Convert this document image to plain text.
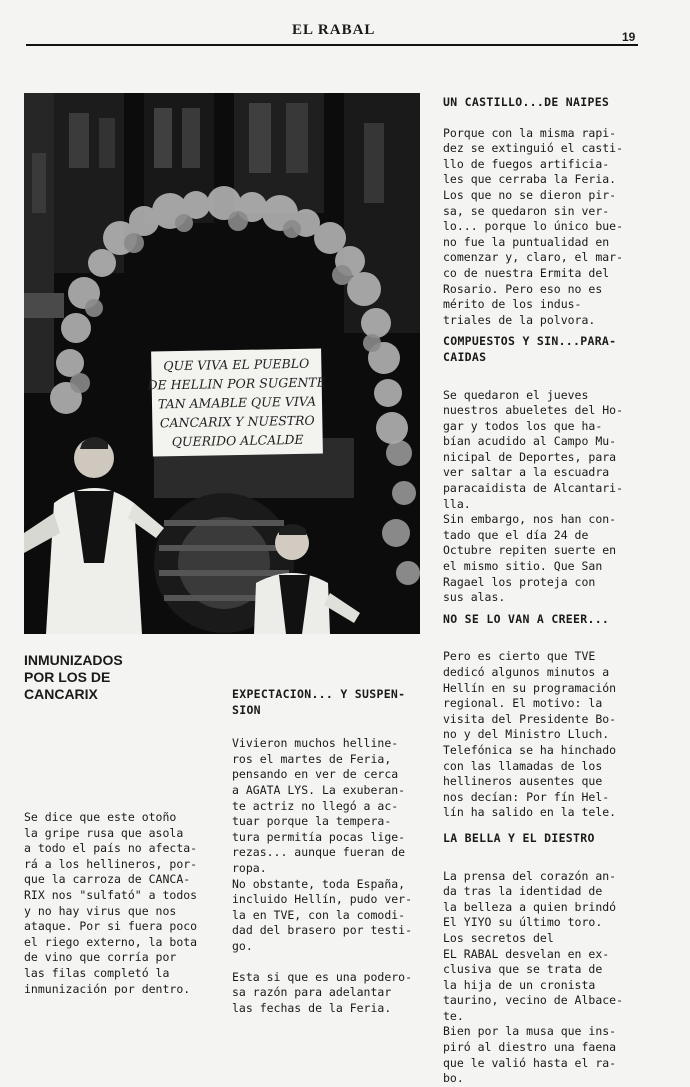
EL RABAL	19
QUE VIVA EL PUEBLO
DE HELLIN POR SUGENTE
TAN AMABLE QUE VIVA
CANCARIX Y NUESTRO
QUERIDO ALCALDE
INMUNIZADOS
POR LOS DE
CANCARIX

Se dice que este otoño
la gripe rusa que asola
a todo el país no afecta-
rá a los hellineros, por-
que la carroza de CANCA-
RIX nos "sulfató" a todos
y no hay virus que nos
ataque. Por si fuera poco
el riego externo, la bota
de vino que corría por
las filas completó la
inmunización por dentro.

EXPECTACION... Y SUSPEN-
SION

Vivieron muchos helline-
ros el martes de Feria,
pensando en ver de cerca
a AGATA LYS. La exuberan-
te actriz no llegó a ac-
tuar porque la tempera-
tura permitía pocas lige-
rezas... aunque fueran de
ropa.
No obstante, toda España,
incluido Hellín, pudo ver-
la en TVE, con la comodi-
dad del brasero por testi-
go.

Esta si que es una podero-
sa razón para adelantar
las fechas de la Feria.

UN CASTILLO...DE NAIPES

Porque con la misma rapi-
dez se extinguió el casti-
llo de fuegos artificia-
les que cerraba la Feria.
Los que no se dieron pir-
sa, se quedaron sin ver-
lo... porque lo único bue-
no fue la puntualidad en
comenzar y, claro, el mar-
co de nuestra Ermita del
Rosario. Pero eso no es
mérito de los indus-
triales de la polvora.

COMPUESTOS Y SIN...PARA-
CAIDAS

Se quedaron el jueves
nuestros abueletes del Ho-
gar y todos los que ha-
bían acudido al Campo Mu-
nicipal de Deportes, para
ver saltar a la escuadra
paracaidista de Alcantari-
lla.
Sin embargo, nos han con-
tado que el día 24 de
Octubre repiten suerte en
el mismo sitio. Que San
Ragael los proteja con
sus alas.

NO SE LO VAN A CREER...

Pero es cierto que TVE
dedicó algunos minutos a
Hellín en su programación
regional. El motivo: la
visita del Presidente Bo-
no y del Ministro Lluch.
Telefónica se ha hinchado
con las llamadas de los
hellineros ausentes que
nos decían: Por fín Hel-
lín ha salido en la tele.

LA BELLA Y EL DIESTRO

La prensa del corazón an-
da tras la identidad de
la belleza a quien brindó
El YIYO su último toro.
Los secretos del
EL RABAL desvelan en ex-
clusiva que se trata de
la hija de un cronista
taurino, vecino de Albace-
te.
Bien por la musa que ins-
piró al diestro una faena
que le valió hasta el ra-
bo.
